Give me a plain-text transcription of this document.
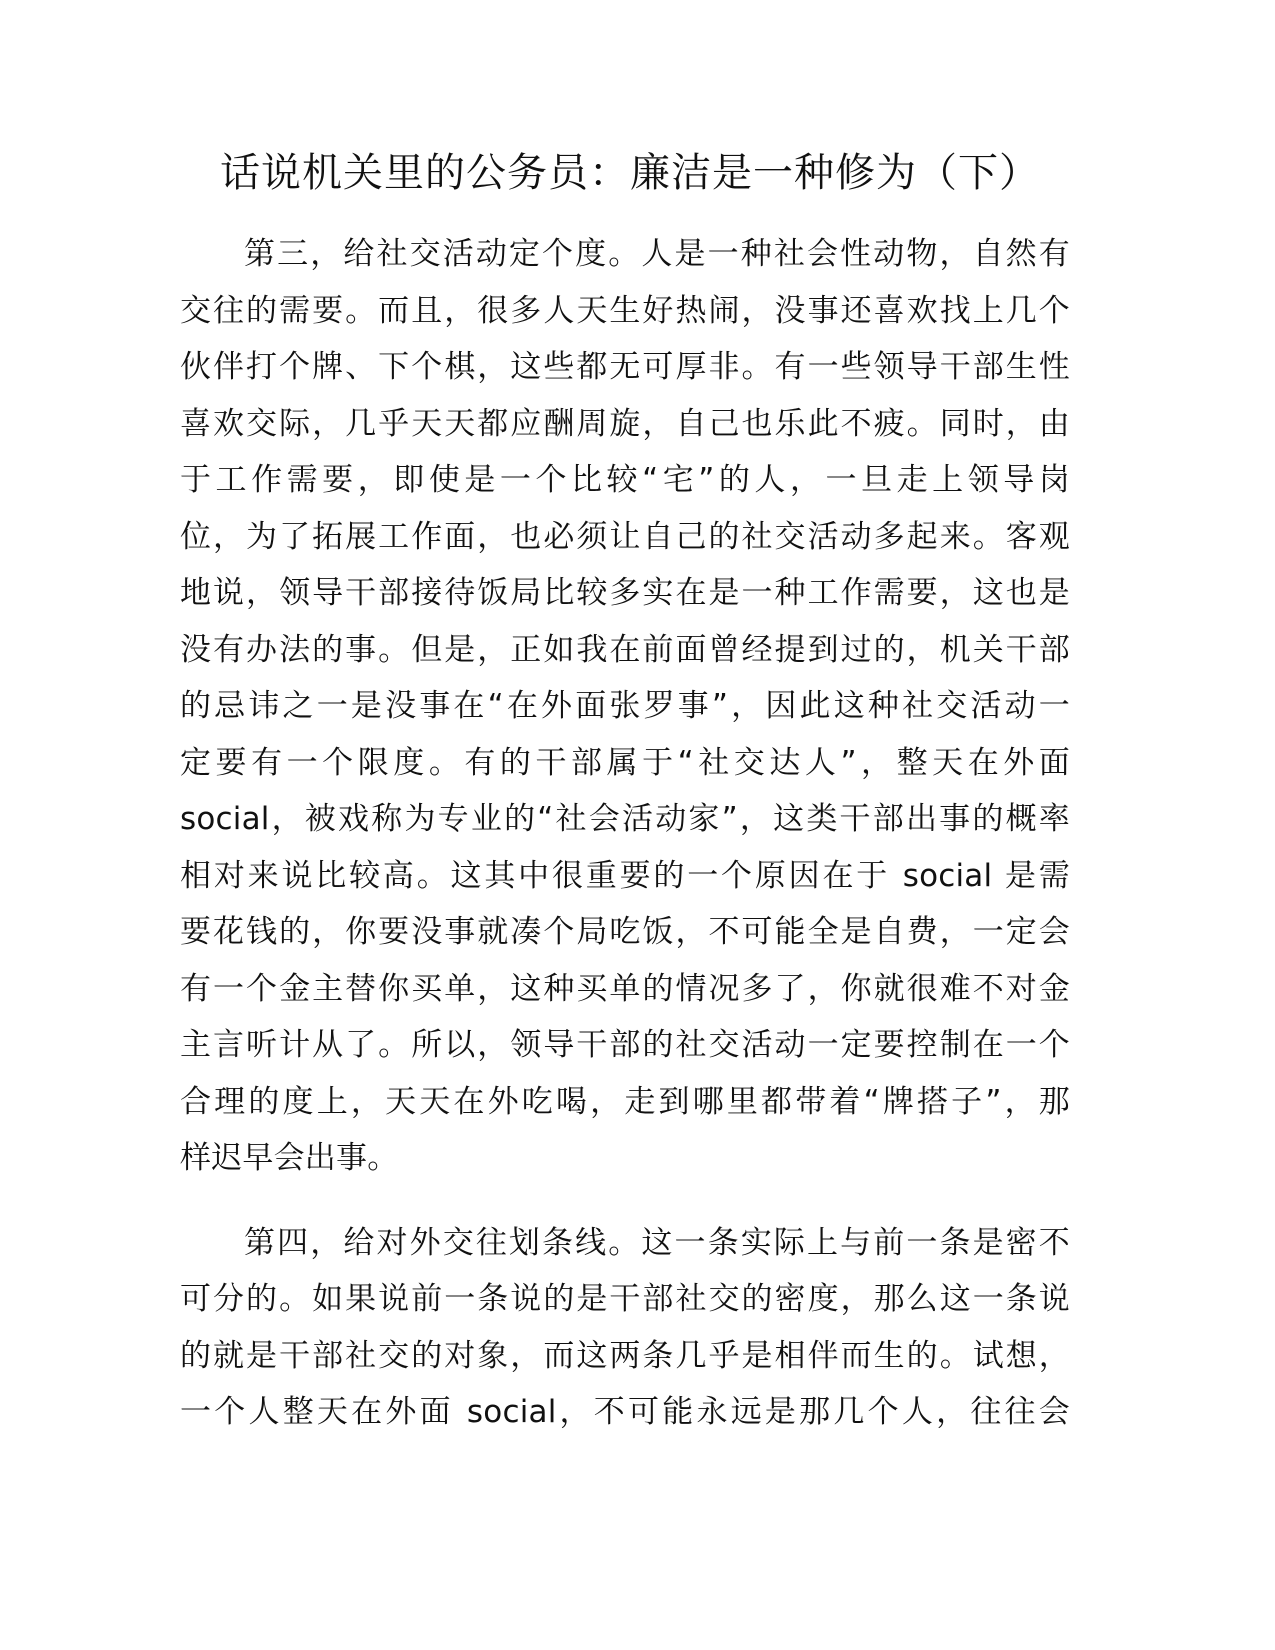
话说机关里的公务员：廉洁是一种修为（下）
第三，给社交活动定个度。人是一种社会性动物，自然有
交往的需要。而且，很多人天生好热闹，没事还喜欢找上几个
伙伴打个牌、下个棋，这些都无可厚非。有一些领导干部生性
喜欢交际，几乎天天都应酬周旋，自己也乐此不疲。同时，由
于工作需要，即使是一个比较“宅”的人，一旦走上领导岗
位，为了拓展工作面，也必须让自己的社交活动多起来。客观
地说，领导干部接待饭局比较多实在是一种工作需要，这也是
没有办法的事。但是，正如我在前面曾经提到过的，机关干部
的忌讳之一是没事在“在外面张罗事”，因此这种社交活动一
定要有一个限度。有的干部属于“社交达人”，整天在外面
social，被戏称为专业的“社会活动家”，这类干部出事的概率
相对来说比较高。这其中很重要的一个原因在于 social 是需
要花钱的，你要没事就凑个局吃饭，不可能全是自费，一定会
有一个金主替你买单，这种买单的情况多了，你就很难不对金
主言听计从了。所以，领导干部的社交活动一定要控制在一个
合理的度上，天天在外吃喝，走到哪里都带着“牌搭子”，那
样迟早会出事。
第四，给对外交往划条线。这一条实际上与前一条是密不
可分的。如果说前一条说的是干部社交的密度，那么这一条说
的就是干部社交的对象，而这两条几乎是相伴而生的。试想，
一个人整天在外面 social，不可能永远是那几个人，往往会
